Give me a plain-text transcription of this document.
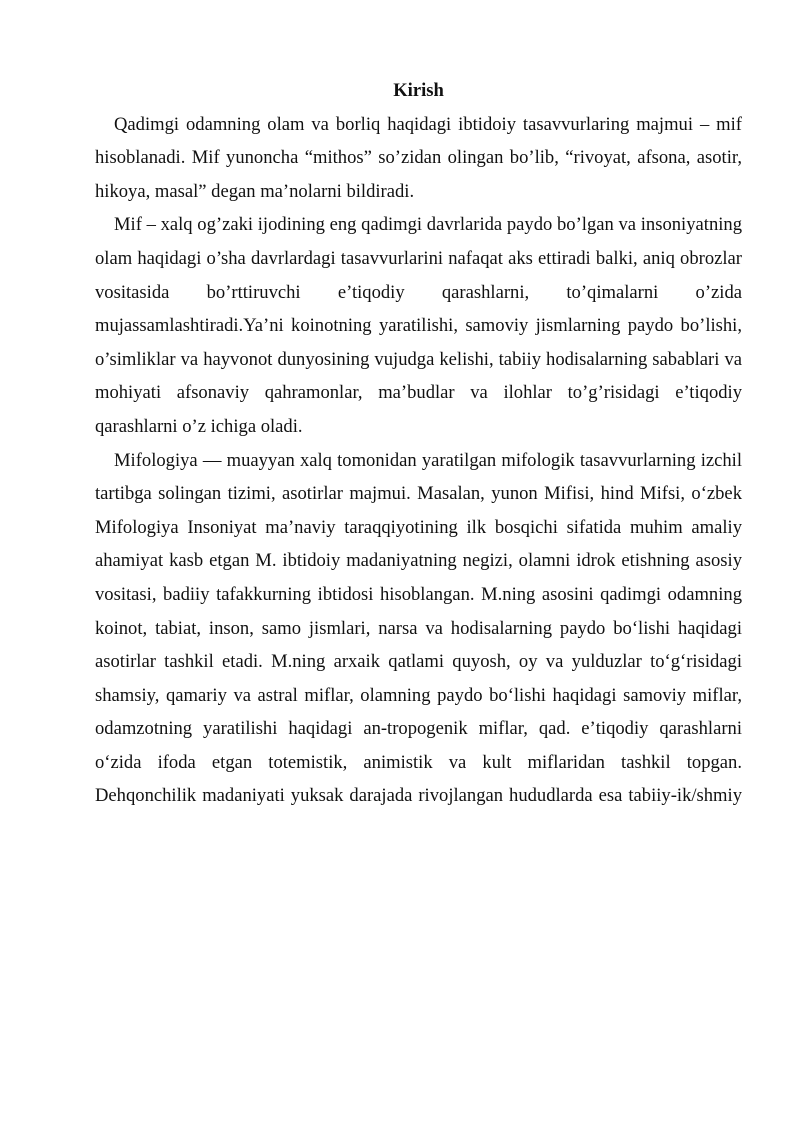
Kirish

Qadimgi odamning olam va borliq haqidagi ibtidoiy tasavvurlaring majmui – mif hisoblanadi. Mif yunoncha “mithos” so’zidan olingan bo’lib, “rivoyat, afsona, asotir, hikoya, masal” degan ma’nolarni bildiradi.

Mif – xalq og’zaki ijodining eng qadimgi davrlarida paydo bo’lgan va insoniyatning olam haqidagi o’sha davrlardagi tasavvurlarini nafaqat aks ettiradi balki, aniq obrozlar vositasida bo’rttiruvchi e’tiqodiy qarashlarni, to’qimalarni o’zida mujassamlashtiradi.Ya’ni koinotning yaratilishi, samoviy jismlarning paydo bo’lishi, o’simliklar va hayvonot dunyosining vujudga kelishi, tabiiy hodisalarning sabablari va mohiyati afsonaviy qahramonlar, ma’budlar va ilohlar to’g’risidagi e’tiqodiy qarashlarni o’z ichiga oladi.

Mifologiya — muayyan xalq tomonidan yaratilgan mifologik tasavvurlarning izchil tartibga solingan tizimi, asotirlar majmui. Masalan, yunon Mifisi, hind Mifsi, oʻzbek Mifologiya Insoniyat maʼnaviy taraqqiyotining ilk bosqichi sifatida muhim amaliy ahamiyat kasb etgan M. ibtidoiy madaniyatning negizi, olamni idrok etishning asosiy vositasi, badiiy tafakkurning ibtidosi hisoblangan. M.ning asosini qadimgi odamning koinot, tabiat, inson, samo jismlari, narsa va hodisalarning paydo boʻlishi haqidagi asotirlar tashkil etadi. M.ning arxaik qatlami quyosh, oy va yulduzlar toʻgʻrisidagi shamsiy, qamariy va astral miflar, olamning paydo boʻlishi haqidagi samoviy miflar, odamzotning yaratilishi haqidagi an-tropogenik miflar, qad. eʼtiqodiy qarashlarni oʻzida ifoda etgan totemistik, animistik va kult miflaridan tashkil topgan. Dehqonchilik madaniyati yuksak darajada rivojlangan hududlarda esa tabiiy-ik/shmiy
